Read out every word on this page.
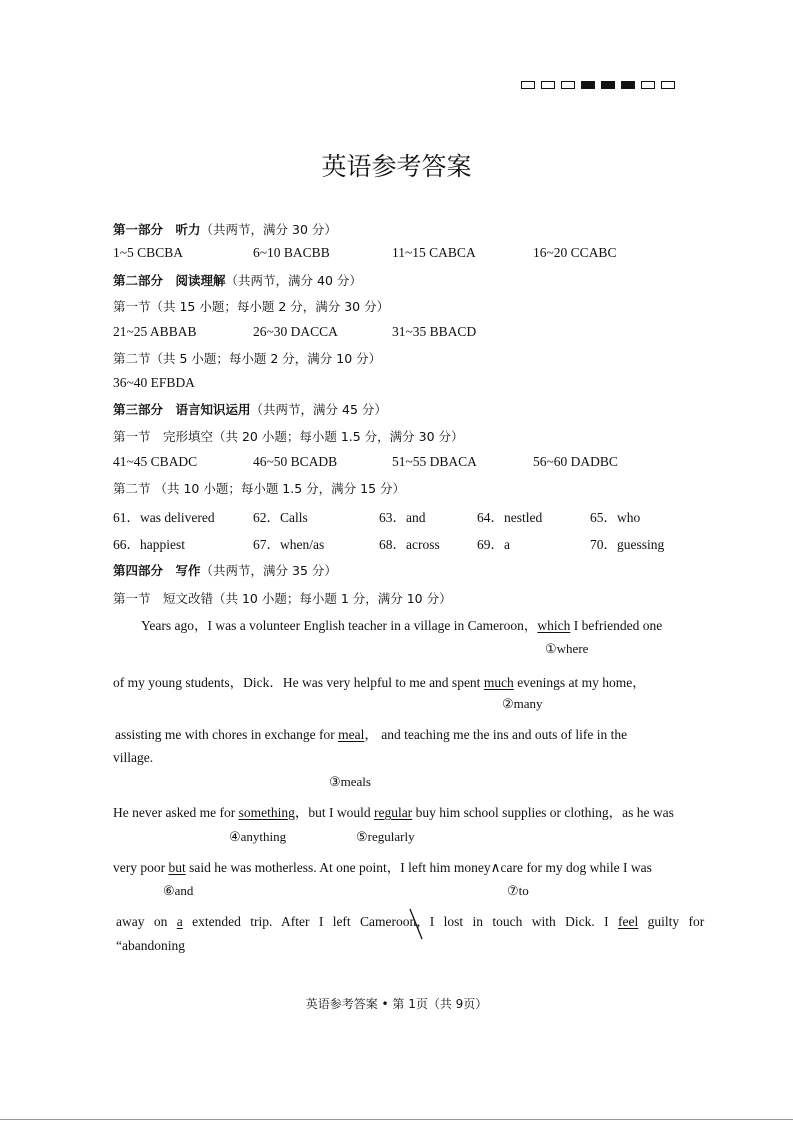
英语参考答案
第一部分　听力（共两节，满分 30 分）
1~5 CBCBA	6~10 BACBB	11~15 CABCA	16~20 CCABC
第二部分　阅读理解（共两节，满分 40 分）
第一节（共 15 小题；每小题 2 分，满分 30 分）
21~25 ABBAB	26~30 DACCA	31~35 BBACD
第二节（共 5 小题；每小题 2 分，满分 10 分）
36~40 EFBDA
第三部分　语言知识运用（共两节，满分 45 分）
第一节　完形填空（共 20 小题；每小题 1.5 分，满分 30 分）
41~45 CBADC	46~50 BCADB	51~55 DBACA	56~60 DADBC
第二节 （共 10 小题；每小题 1.5 分，满分 15 分）
61．was delivered	62．Calls	63．and	64．nestled	65．who
66．happiest	67．when/as	68．across	69．a	70．guessing
第四部分　写作（共两节，满分 35 分）
第一节　短文改错（共 10 小题；每小题 1 分，满分 10 分）
Years ago，I was a volunteer English teacher in a village in Cameroon，which I befriended one
①where
of my young students，Dick．He was very helpful to me and spent much evenings at my home，
②many
assisting me with chores in exchange for meal， and teaching me the ins and outs of life in the
village.
③meals
He never asked me for something，but I would regular buy him school supplies or clothing，as he was
④anything	⑤regularly
very poor but said he was motherless. At one point，I left him money∧care for my dog while I was
⑥and	⑦to
away on a extended trip. After I left Cameroon，I lost in touch with Dick. I feel guilty for
“abandoning
英语参考答案 • 第 1页（共 9页）
